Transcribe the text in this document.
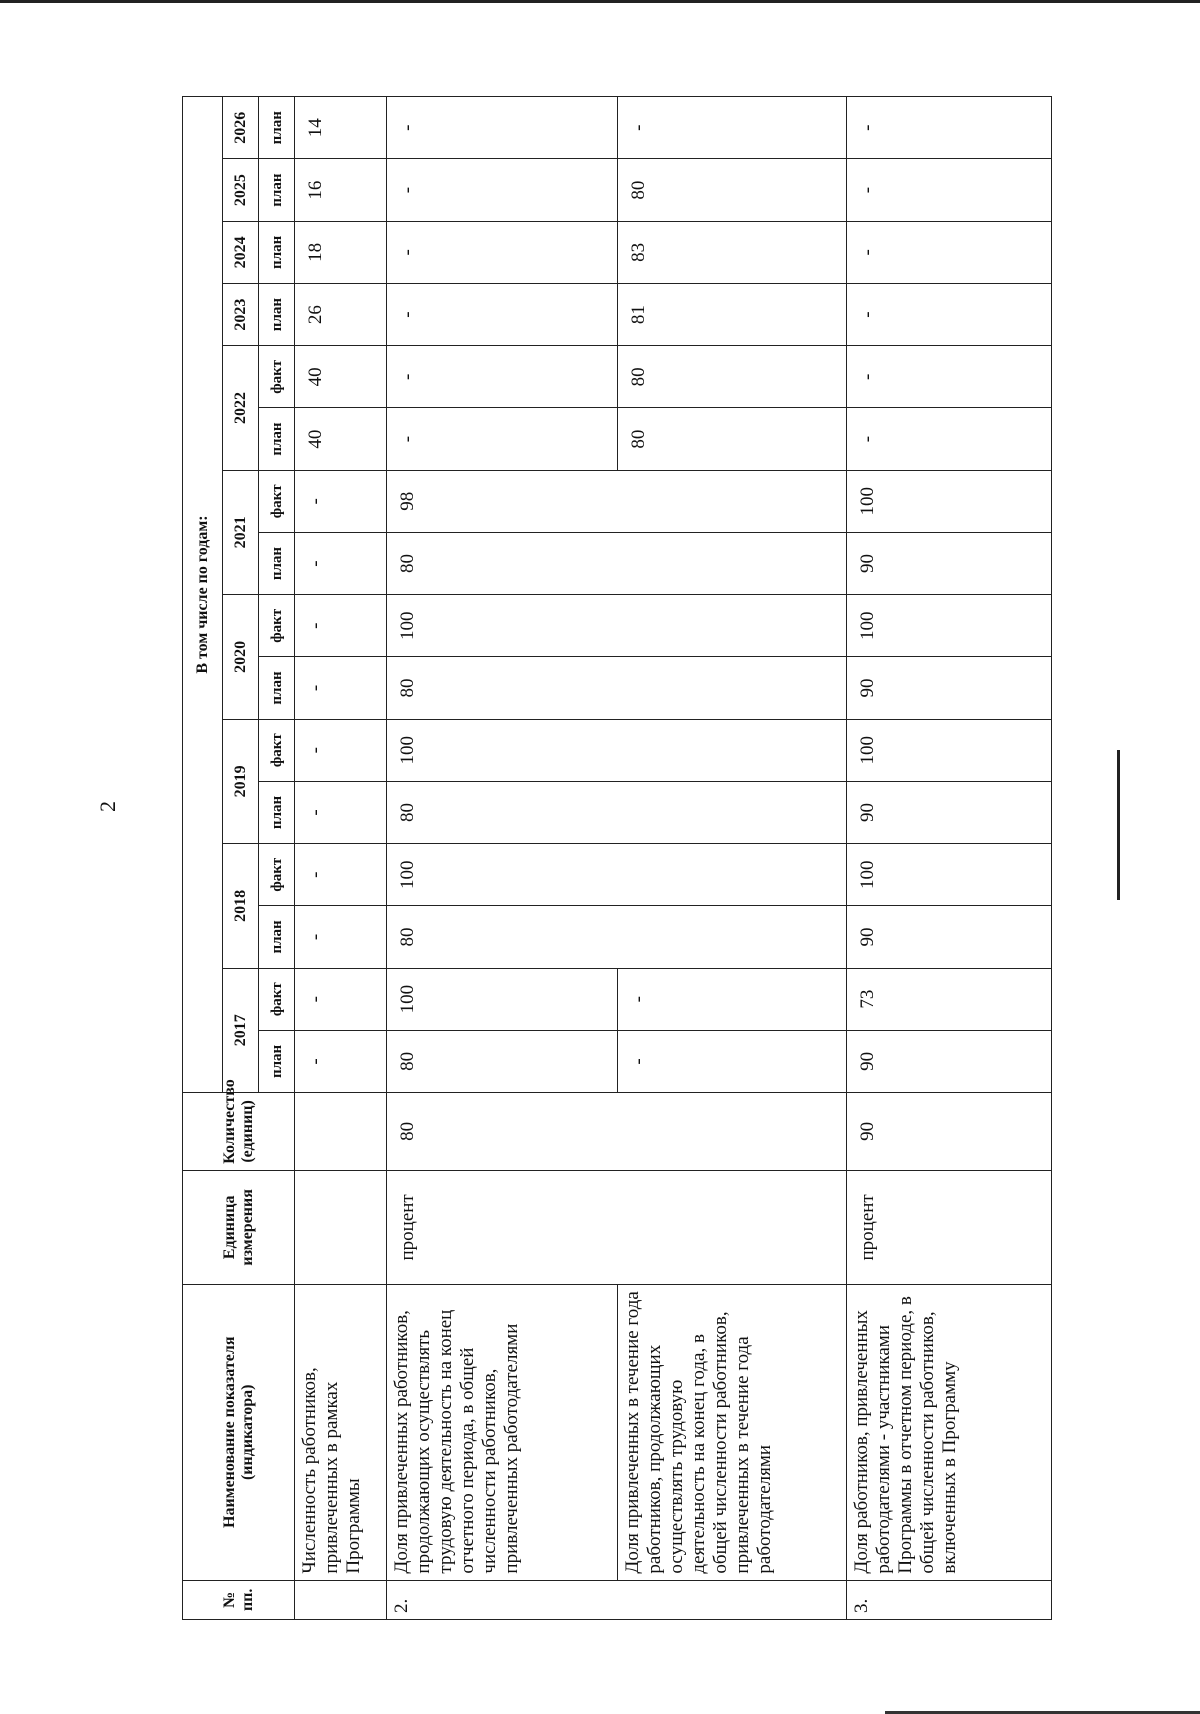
2
№ пп.	Наименование показателя (индикатора)	Единица измерения	Количество (единиц)	В том числе по годам:															
				2017		2018		2019		2020		2021		2022		2023	2024	2025	2026
				план	факт	план	факт	план	факт	план	факт	план	факт	план	факт	план	план	план	план
	Численность работников, привлеченных в рамках Программы			-	-	-	-	-	-	-	-	-	-	40	40	26	18	16	14
2.	Доля привлеченных работников, продолжающих осуществлять трудовую деятельность на конец отчетного периода, в общей численности работников, привлеченных работодателями	процент	80	80	100	80	100	80	100	80	100	80	98	-	-	-	-	-	-
	Доля привлеченных в течение года работников, продолжающих осуществлять трудовую деятельность на конец года, в общей численности работников, привлеченных в течение года работодателями			-	-									80	80	81	83	80	-
3.	Доля работников, привлеченных работодателями - участниками Программы в отчетном периоде, в общей численности работников, включенных в Программу	процент	90	90	73	90	100	90	100	90	100	90	100	-	-	-	-	-	-
